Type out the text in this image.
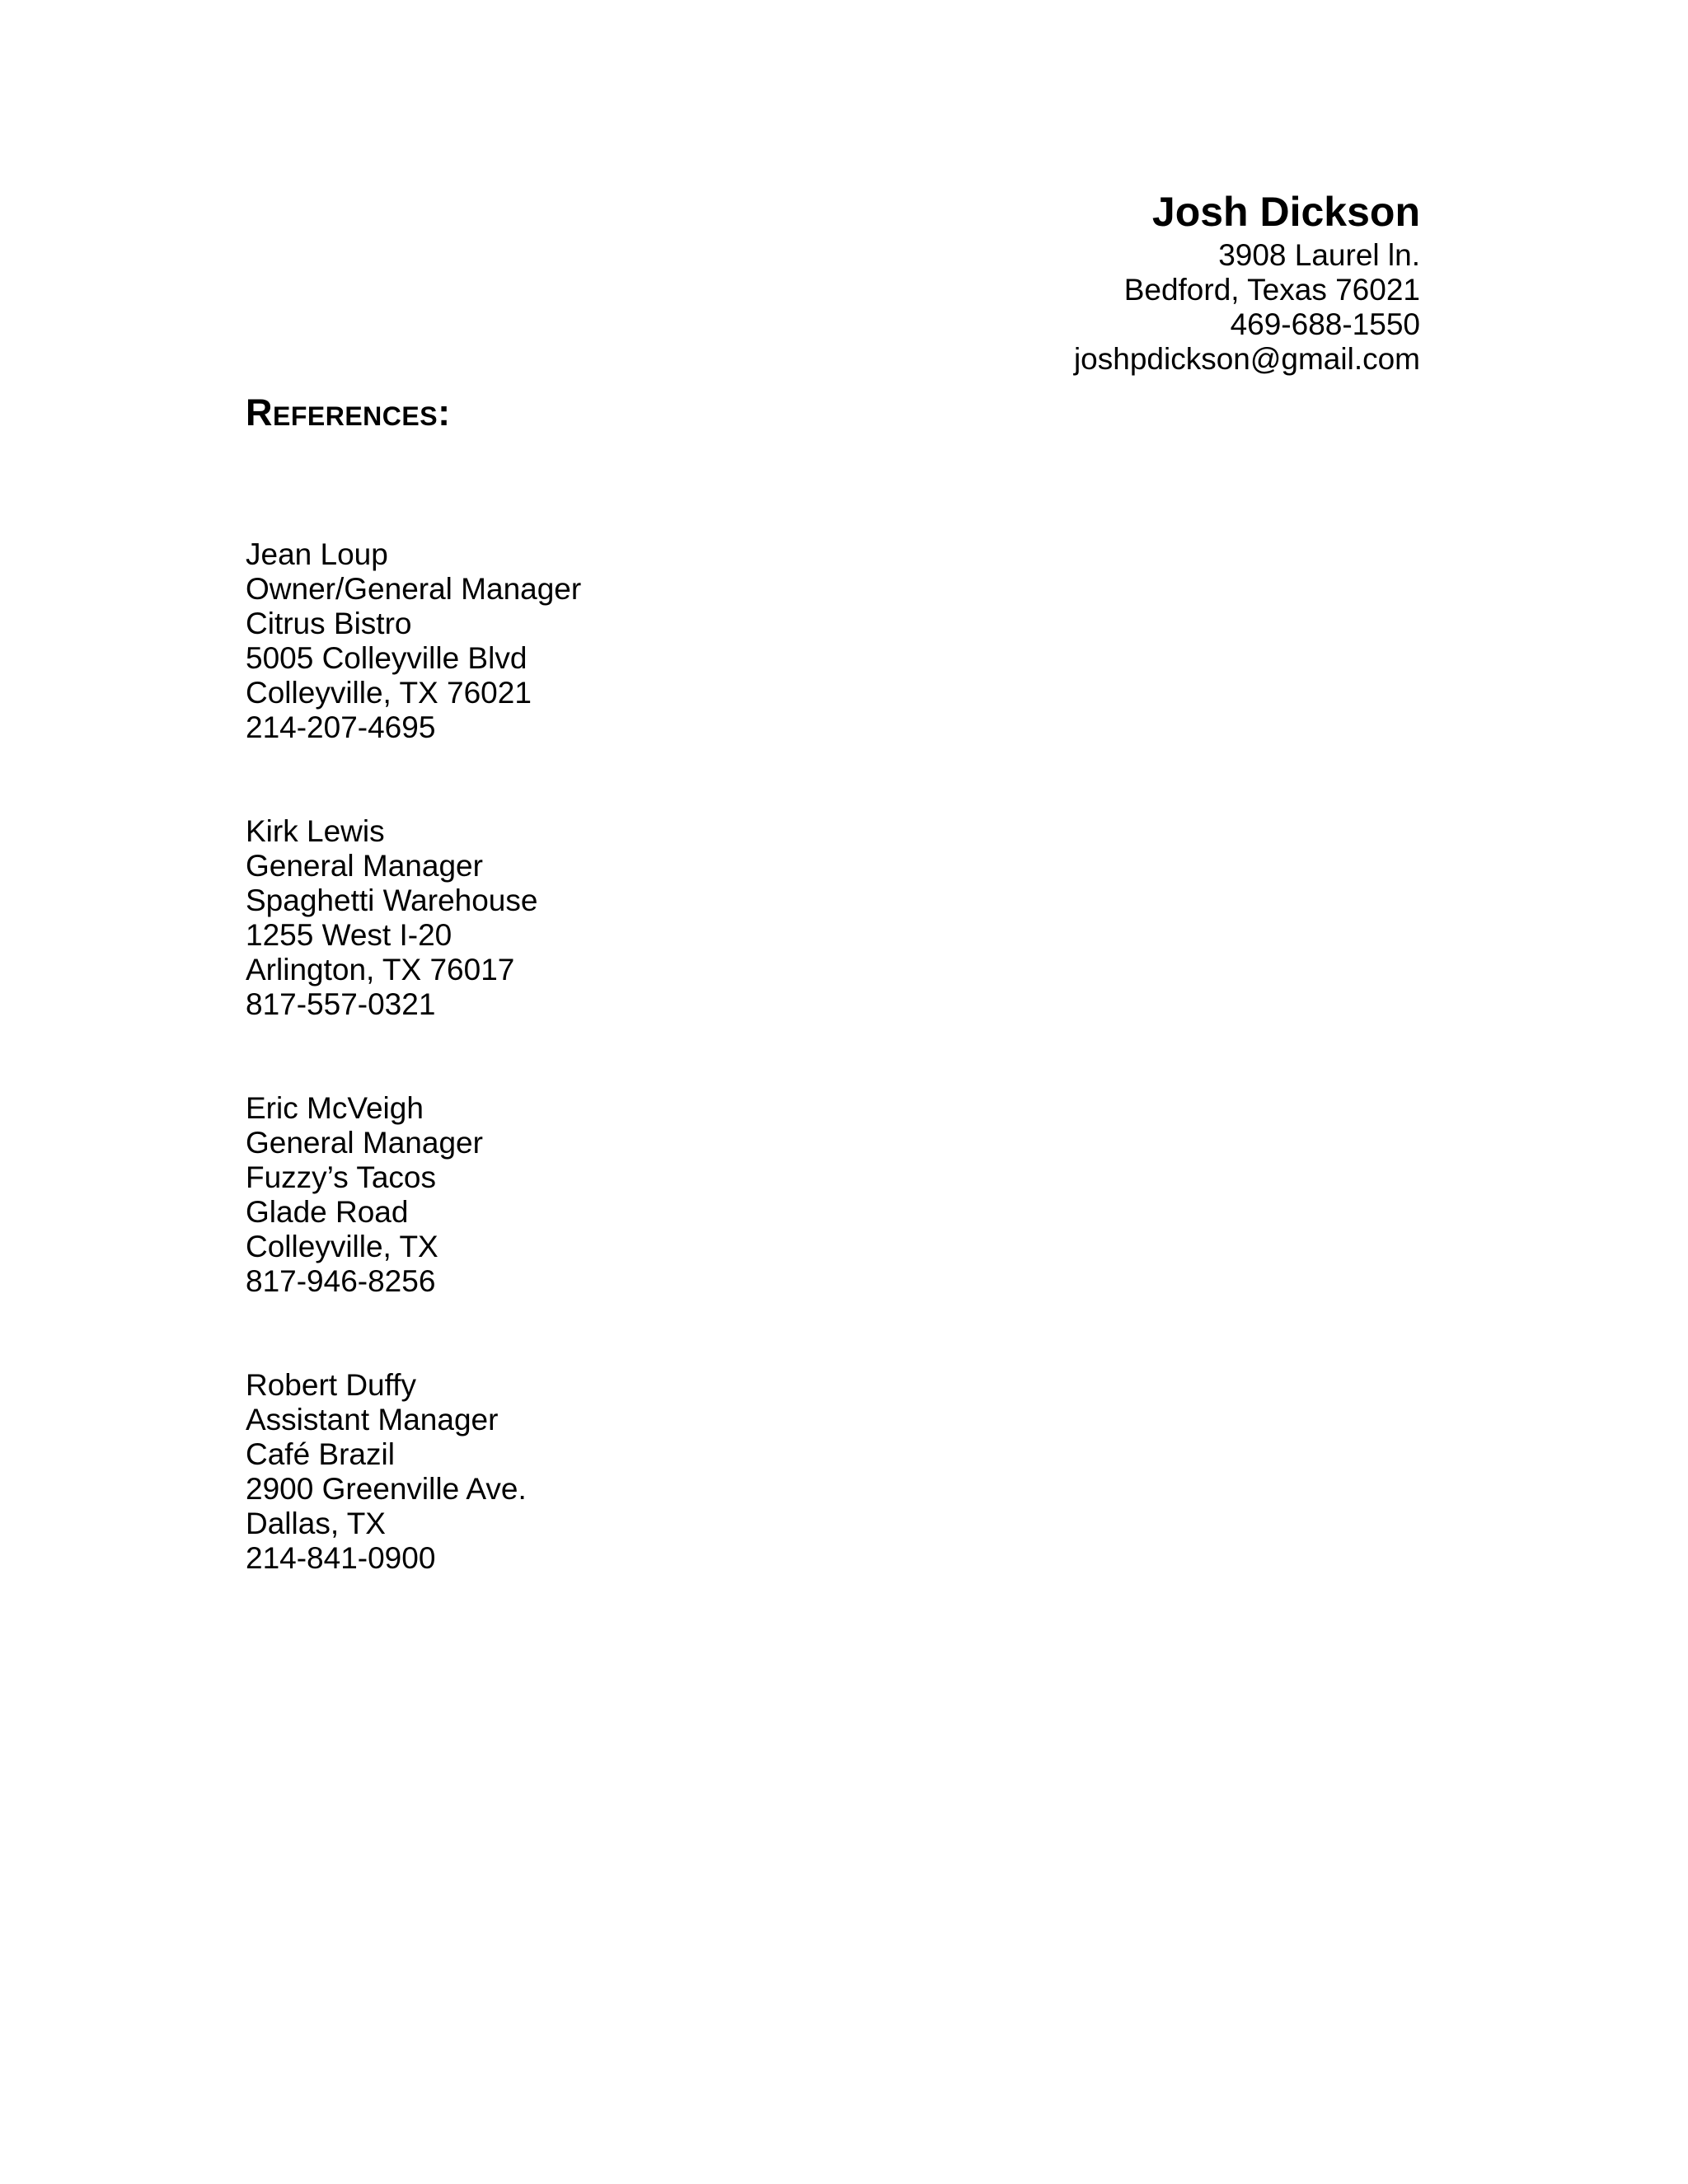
Josh Dickson
3908 Laurel ln.
Bedford, Texas 76021
469-688-1550
joshpdickson@gmail.com
References:
Jean Loup
Owner/General Manager
Citrus Bistro
5005 Colleyville Blvd
Colleyville, TX 76021
214-207-4695
Kirk Lewis
General Manager
Spaghetti Warehouse
1255 West I-20
Arlington, TX 76017
817-557-0321
Eric McVeigh
General Manager
Fuzzy’s Tacos
Glade Road
Colleyville, TX
817-946-8256
Robert Duffy
Assistant Manager
Café Brazil
2900 Greenville Ave.
Dallas, TX
214-841-0900
